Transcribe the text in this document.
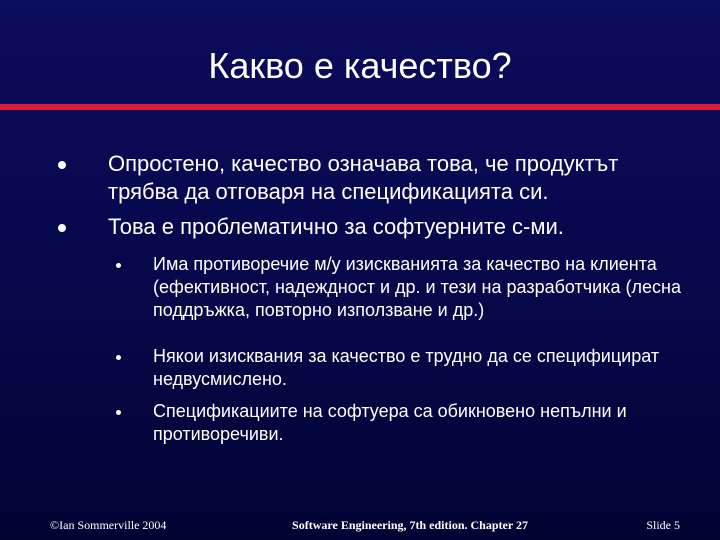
Какво е качество?
Опростено, качество означава това, че продуктът трябва да отговаря на спецификацията си.
Това е проблематично за софтуерните с-ми.
Има противоречие м/у изискванията за качество на клиента (ефективност, надеждност и др. и тези на разработчика (лесна поддръжка, повторно използване и др.)
Някои изисквания за качество е трудно да се специфицират недвусмислено.
Спецификациите на софтуера са обикновено непълни и противоречиви.
©Ian Sommerville 2004	Software Engineering, 7th edition. Chapter 27	Slide 5
